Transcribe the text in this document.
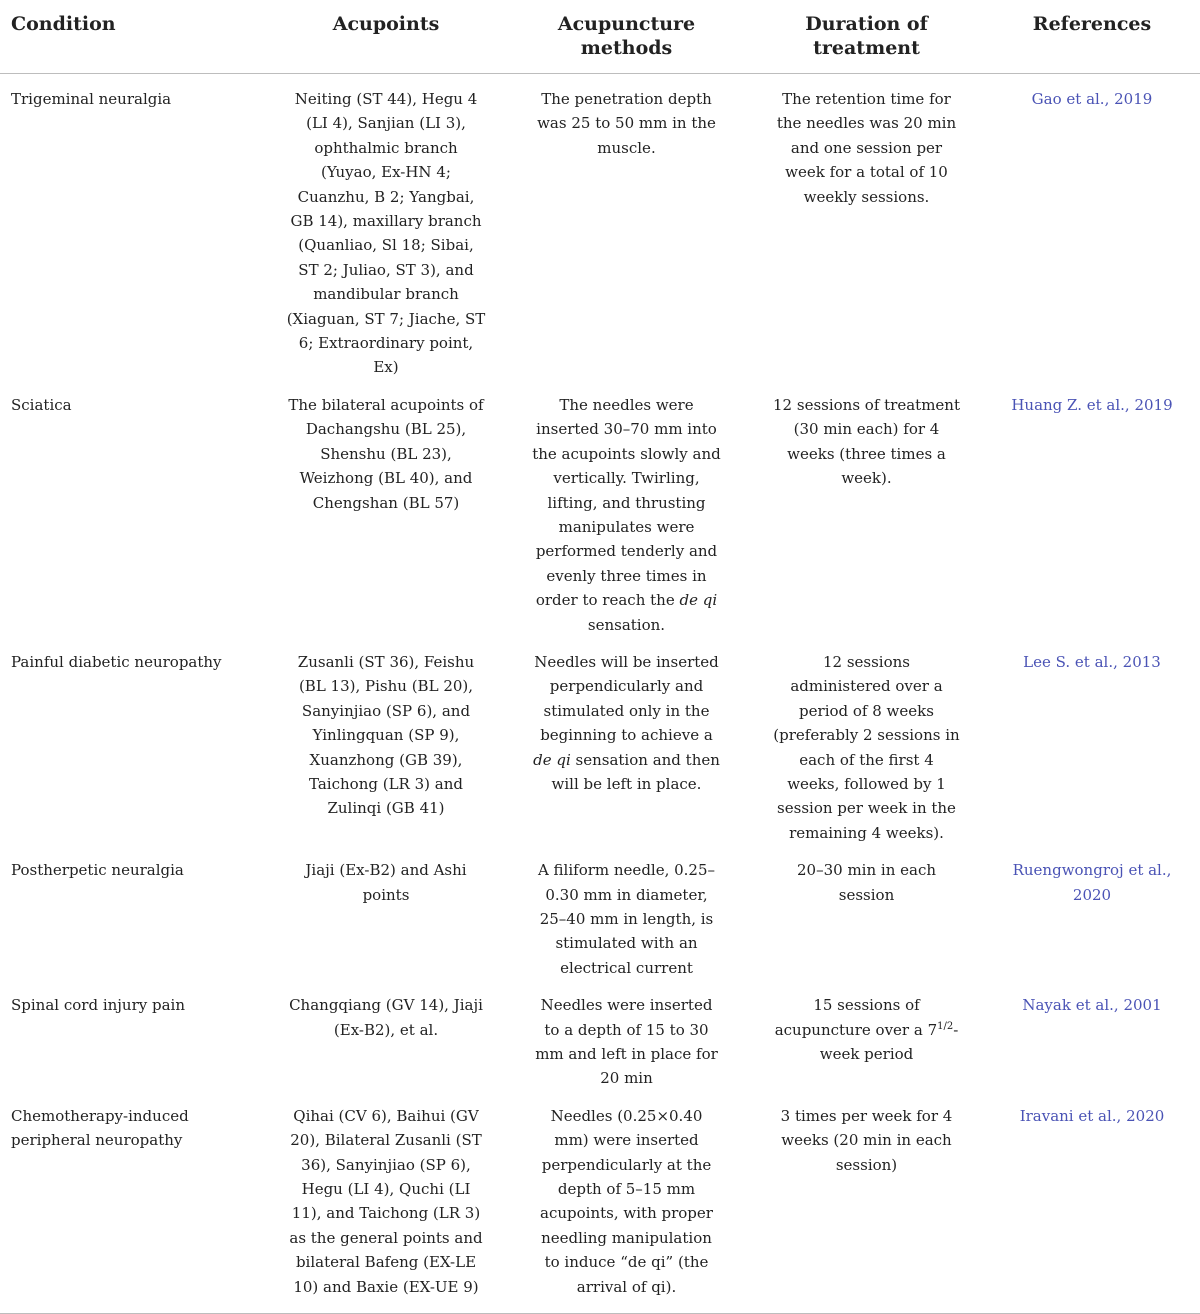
Condition	Acupoints	Acupuncture methods	Duration of treatment	References
Trigeminal neuralgia	Neiting (ST 44), Hegu 4 (LI 4), Sanjian (LI 3), ophthalmic branch (Yuyao, Ex-HN 4; Cuanzhu, B 2; Yangbai, GB 14), maxillary branch (Quanliao, Sl 18; Sibai, ST 2; Juliao, ST 3), and mandibular branch (Xiaguan, ST 7; Jiache, ST 6; Extraordinary point, Ex)	The penetration depth was 25 to 50 mm in the muscle.	The retention time for the needles was 20 min and one session per week for a total of 10 weekly sessions.	Gao et al., 2019
Sciatica	The bilateral acupoints of Dachangshu (BL 25), Shenshu (BL 23), Weizhong (BL 40), and Chengshan (BL 57)	The needles were inserted 30–70 mm into the acupoints slowly and vertically. Twirling, lifting, and thrusting manipulates were performed tenderly and evenly three times in order to reach the de qi sensation.	12 sessions of treatment (30 min each) for 4 weeks (three times a week).	Huang Z. et al., 2019
Painful diabetic neuropathy	Zusanli (ST 36), Feishu (BL 13), Pishu (BL 20), Sanyinjiao (SP 6), and Yinlingquan (SP 9), Xuanzhong (GB 39), Taichong (LR 3) and Zulinqi (GB 41)	Needles will be inserted perpendicularly and stimulated only in the beginning to achieve a de qi sensation and then will be left in place.	12 sessions administered over a period of 8 weeks (preferably 2 sessions in each of the first 4 weeks, followed by 1 session per week in the remaining 4 weeks).	Lee S. et al., 2013
Postherpetic neuralgia	Jiaji (Ex-B2) and Ashi points	A filiform needle, 0.25–0.30 mm in diameter, 25–40 mm in length, is stimulated with an electrical current	20–30 min in each session	Ruengwongroj et al., 2020
Spinal cord injury pain	Changqiang (GV 14), Jiaji (Ex-B2), et al.	Needles were inserted to a depth of 15 to 30 mm and left in place for 20 min	15 sessions of acupuncture over a $7^{1/2}$-week period	Nayak et al., 2001
Chemotherapy-induced peripheral neuropathy	Qihai (CV 6), Baihui (GV 20), Bilateral Zusanli (ST 36), Sanyinjiao (SP 6), Hegu (LI 4), Quchi (LI 11), and Taichong (LR 3) as the general points and bilateral Bafeng (EX-LE 10) and Baxie (EX-UE 9)	Needles (0.25×0.40 mm) were inserted perpendicularly at the depth of 5–15 mm acupoints, with proper needling manipulation to induce “de qi” (the arrival of qi).	3 times per week for 4 weeks (20 min in each session)	Iravani et al., 2020
